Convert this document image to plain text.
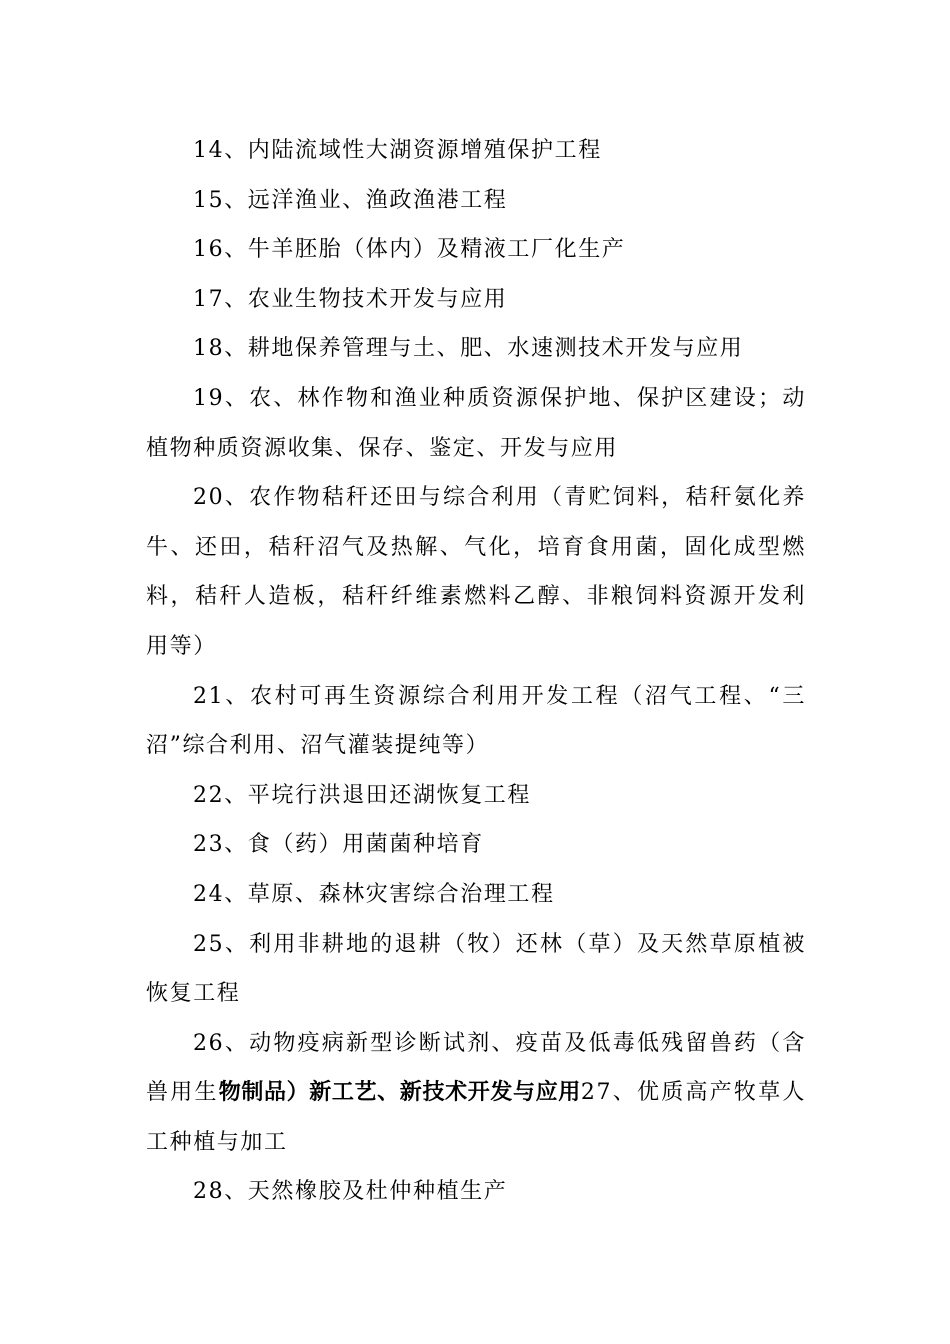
14、内陆流域性大湖资源增殖保护工程

15、远洋渔业、渔政渔港工程

16、牛羊胚胎（体内）及精液工厂化生产

17、农业生物技术开发与应用

18、耕地保养管理与土、肥、水速测技术开发与应用

19、农、林作物和渔业种质资源保护地、保护区建设；动植物种质资源收集、保存、鉴定、开发与应用

20、农作物秸秆还田与综合利用（青贮饲料，秸秆氨化养牛、还田，秸秆沼气及热解、气化，培育食用菌，固化成型燃料，秸秆人造板，秸秆纤维素燃料乙醇、非粮饲料资源开发利用等）

21、农村可再生资源综合利用开发工程（沼气工程、“三沼”综合利用、沼气灌装提纯等）

22、平垸行洪退田还湖恢复工程

23、食（药）用菌菌种培育

24、草原、森林灾害综合治理工程

25、利用非耕地的退耕（牧）还林（草）及天然草原植被恢复工程

26、动物疫病新型诊断试剂、疫苗及低毒低残留兽药（含兽用生物制品）新工艺、新技术开发与应用27、优质高产牧草人工种植与加工

28、天然橡胶及杜仲种植生产
